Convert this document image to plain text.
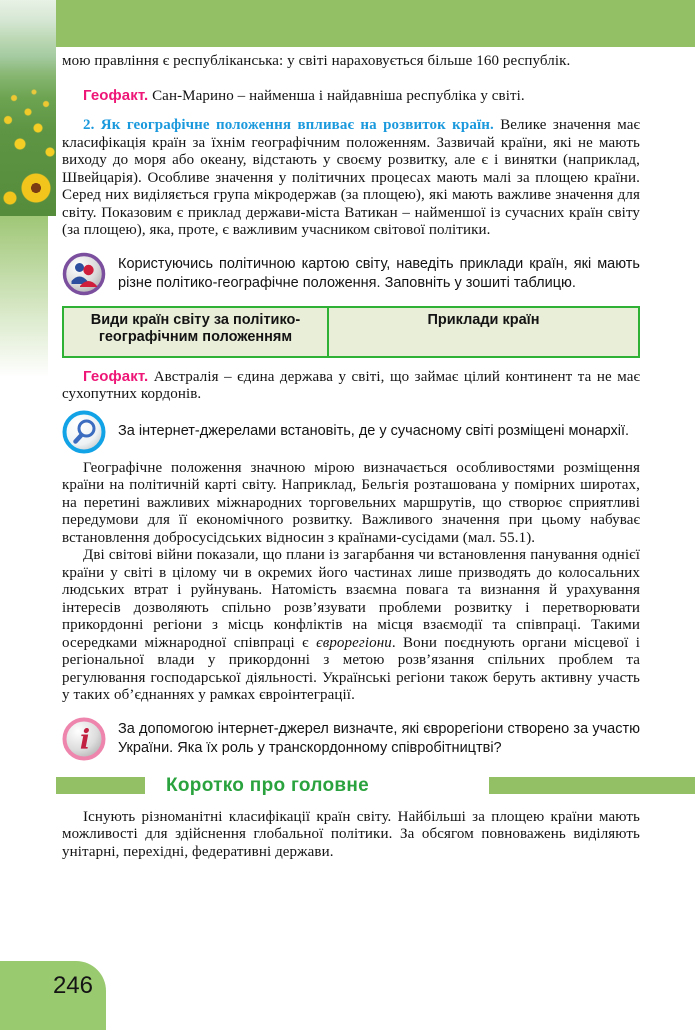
мою правління є республіканська: у світі нараховується більше 160 республік.

Геофакт. Сан-Марино – найменша і найдавніша республіка у світі.

2. Як географічне положення впливає на розвиток країн. Велике значення має класифікація країн за їхнім географічним положенням. Зазвичай країни, які не мають виходу до моря або океану, відстають у своєму розвитку, але є і винятки (наприклад, Швейцарія). Особливе значення у політичних процесах мають малі за площею країни. Серед них виділяється група мікродержав (за площею), які мають важливе значення для світу. Показовим є приклад держави-міста Ватикан – найменшої із сучасних країн світу (за площею), яка, проте, є важливим учасником світової політики.

Користуючись політичною картою світу, наведіть приклади країн, які мають різне політико-географічне положення. Заповніть у зошиті таблицю.

Види країн світу за політико-географічним положенням	Приклади країн

Геофакт. Австралія – єдина держава у світі, що займає цілий континент та не має сухопутних кордонів.

За інтернет-джерелами встановіть, де у сучасному світі розміщені монархії.

Географічне положення значною мірою визначається особливостями розміщення країни на політичній карті світу. Наприклад, Бельгія розташована у помірних широтах, на перетині важливих міжнародних торговельних маршрутів, що створює сприятливі передумови для її економічного розвитку. Важливого значення при цьому набуває встановлення добросусідських відносин з країнами-сусідами (мал. 55.1).

Дві світові війни показали, що плани із загарбання чи встановлення панування однієї країни у світі в цілому чи в окремих його частинах лише призводять до колосальних людських втрат і руйнувань. Натомість взаємна повага та визнання й урахування інтересів дозволяють спільно розв’язувати проблеми розвитку і перетворювати прикордонні регіони з місць конфліктів на місця взаємодії та співпраці. Такими осередками міжнародної співпраці є єврорегіони. Вони поєднують органи місцевої і регіональної влади у прикордонні з метою розв’язання спільних проблем та регулювання господарської діяльності. Українські регіони також беруть активну участь у таких об’єднаннях у рамках євроінтеграції.

i За допомогою інтернет-джерел визначте, які єврорегіони створено за участю України. Яка їх роль у транскордонному співробітництві?

Коротко про головне

Існують різноманітні класифікації країн світу. Найбільші за площею країни мають можливості для здійснення глобальної політики. За обсягом повноважень виділяють унітарні, перехідні, федеративні держави.

246
